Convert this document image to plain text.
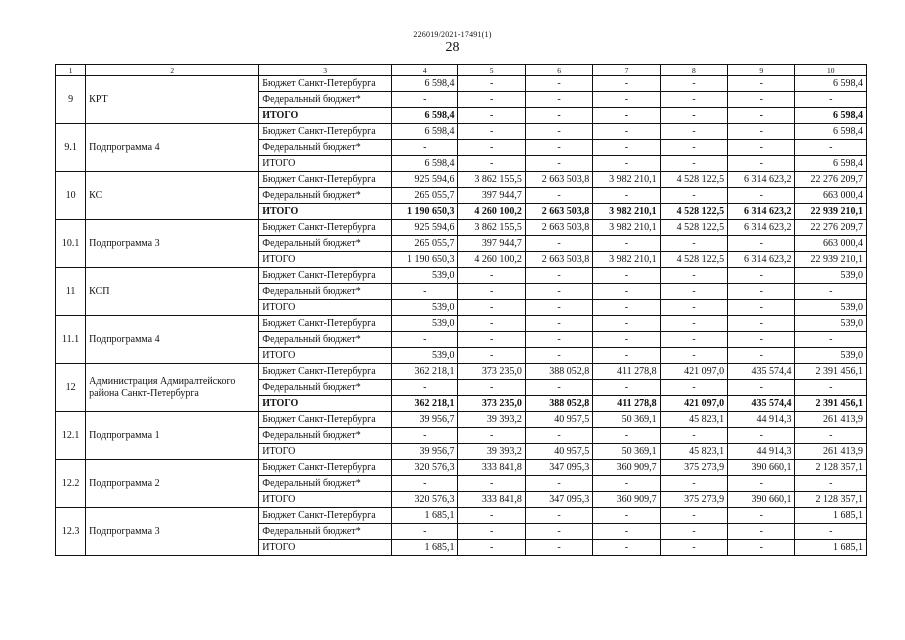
226019/2021-17491(1)
28
1	2	3	4	5	6	7	8	9	10
9	КРТ	Бюджет Санкт-Петербурга	6 598,4	-	-	-	-	-	6 598,4
		Федеральный бюджет*	-	-	-	-	-	-	-
		ИТОГО	6 598,4	-	-	-	-	-	6 598,4
9.1	Подпрограмма 4	Бюджет Санкт-Петербурга	6 598,4	-	-	-	-	-	6 598,4
		Федеральный бюджет*	-	-	-	-	-	-	-
		ИТОГО	6 598,4	-	-	-	-	-	6 598,4
10	КС	Бюджет Санкт-Петербурга	925 594,6	3 862 155,5	2 663 503,8	3 982 210,1	4 528 122,5	6 314 623,2	22 276 209,7
		Федеральный бюджет*	265 055,7	397 944,7	-	-	-	-	663 000,4
		ИТОГО	1 190 650,3	4 260 100,2	2 663 503,8	3 982 210,1	4 528 122,5	6 314 623,2	22 939 210,1
10.1	Подпрограмма 3	Бюджет Санкт-Петербурга	925 594,6	3 862 155,5	2 663 503,8	3 982 210,1	4 528 122,5	6 314 623,2	22 276 209,7
		Федеральный бюджет*	265 055,7	397 944,7	-	-	-	-	663 000,4
		ИТОГО	1 190 650,3	4 260 100,2	2 663 503,8	3 982 210,1	4 528 122,5	6 314 623,2	22 939 210,1
11	КСП	Бюджет Санкт-Петербурга	539,0	-	-	-	-	-	539,0
		Федеральный бюджет*	-	-	-	-	-	-	-
		ИТОГО	539,0	-	-	-	-	-	539,0
11.1	Подпрограмма 4	Бюджет Санкт-Петербурга	539,0	-	-	-	-	-	539,0
		Федеральный бюджет*	-	-	-	-	-	-	-
		ИТОГО	539,0	-	-	-	-	-	539,0
12	Администрация Адмиралтейского района Санкт-Петербурга	Бюджет Санкт-Петербурга	362 218,1	373 235,0	388 052,8	411 278,8	421 097,0	435 574,4	2 391 456,1
		Федеральный бюджет*	-	-	-	-	-	-	-
		ИТОГО	362 218,1	373 235,0	388 052,8	411 278,8	421 097,0	435 574,4	2 391 456,1
12.1	Подпрограмма 1	Бюджет Санкт-Петербурга	39 956,7	39 393,2	40 957,5	50 369,1	45 823,1	44 914,3	261 413,9
		Федеральный бюджет*	-	-	-	-	-	-	-
		ИТОГО	39 956,7	39 393,2	40 957,5	50 369,1	45 823,1	44 914,3	261 413,9
12.2	Подпрограмма 2	Бюджет Санкт-Петербурга	320 576,3	333 841,8	347 095,3	360 909,7	375 273,9	390 660,1	2 128 357,1
		Федеральный бюджет*	-	-	-	-	-	-	-
		ИТОГО	320 576,3	333 841,8	347 095,3	360 909,7	375 273,9	390 660,1	2 128 357,1
12.3	Подпрограмма 3	Бюджет Санкт-Петербурга	1 685,1	-	-	-	-	-	1 685,1
		Федеральный бюджет*	-	-	-	-	-	-	-
		ИТОГО	1 685,1	-	-	-	-	-	1 685,1
